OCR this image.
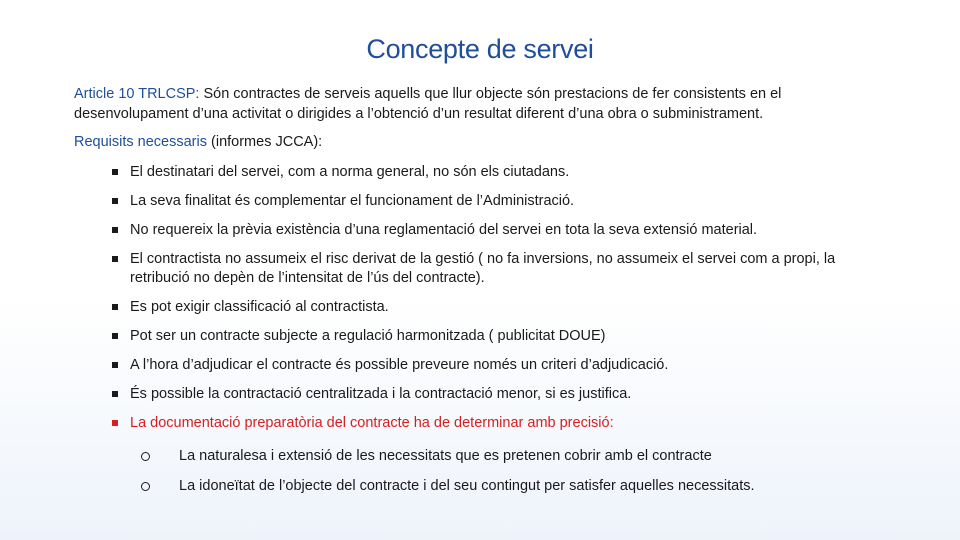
Concepte de servei
Article 10 TRLCSP: Són contractes de serveis aquells que llur objecte són prestacions de fer consistents en el desenvolupament d’una activitat o dirigides a l’obtenció d’un resultat diferent d’una obra o subministrament.
Requisits necessaris (informes JCCA):
El destinatari del servei, com a norma general, no són els ciutadans.
La seva finalitat és complementar el funcionament de l’Administració.
No requereix la prèvia existència d’una reglamentació del servei en tota la seva extensió material.
El contractista no assumeix el risc derivat de la gestió ( no fa inversions, no assumeix el servei com a propi, la retribució no depèn de l’intensitat de l’ús del contracte).
Es pot exigir classificació al contractista.
Pot ser un contracte subjecte a regulació harmonitzada ( publicitat DOUE)
A l’hora d’adjudicar el contracte és possible preveure només un criteri d’adjudicació.
És possible la contractació centralitzada i la contractació menor, si es justifica.
La documentació preparatòria del contracte ha de determinar amb precisió:
La naturalesa i extensió de les necessitats que es pretenen cobrir amb el contracte
La idoneïtat de l’objecte del contracte i del seu contingut per satisfer aquelles necessitats.
